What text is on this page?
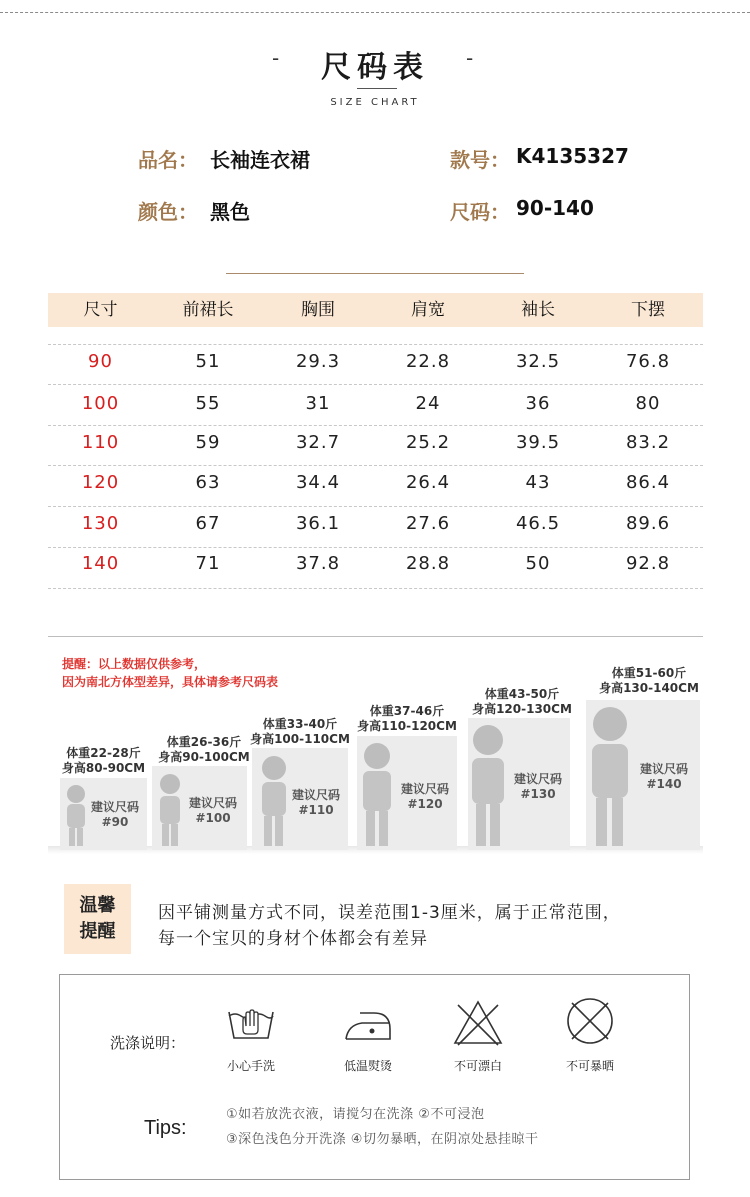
-	尺码表	-
SIZE CHART
品名： 长袖连衣裙	款号： K4135327
颜色： 黑色	尺码： 90-140
尺寸	前裙长	胸围	肩宽	袖长	下摆
90	51	29.3	22.8	32.5	76.8
100	55	31	24	36	80
110	59	32.7	25.2	39.5	83.2
120	63	34.4	26.4	43	86.4
130	67	36.1	27.6	46.5	89.6
140	71	37.8	28.8	50	92.8
提醒：以上数据仅供参考，
因为南北方体型差异，具体请参考尺码表
体重22-28斤
身高80-90CM
建议尺码
#90
体重26-36斤
身高90-100CM
建议尺码
#100
体重33-40斤
身高100-110CM
建议尺码
#110
体重37-46斤
身高110-120CM
建议尺码
#120
体重43-50斤
身高120-130CM
建议尺码
#130
体重51-60斤
身高130-140CM
建议尺码
#140
温馨
提醒
因平铺测量方式不同，误差范围1-3厘米，属于正常范围，
每一个宝贝的身材个体都会有差异
洗涤说明：
小心手洗	低温熨烫	不可漂白	不可暴晒
Tips:
①如若放洗衣液，请搅匀在洗涤 ②不可浸泡
③深色浅色分开洗涤 ④切勿暴晒，在阴凉处悬挂晾干
